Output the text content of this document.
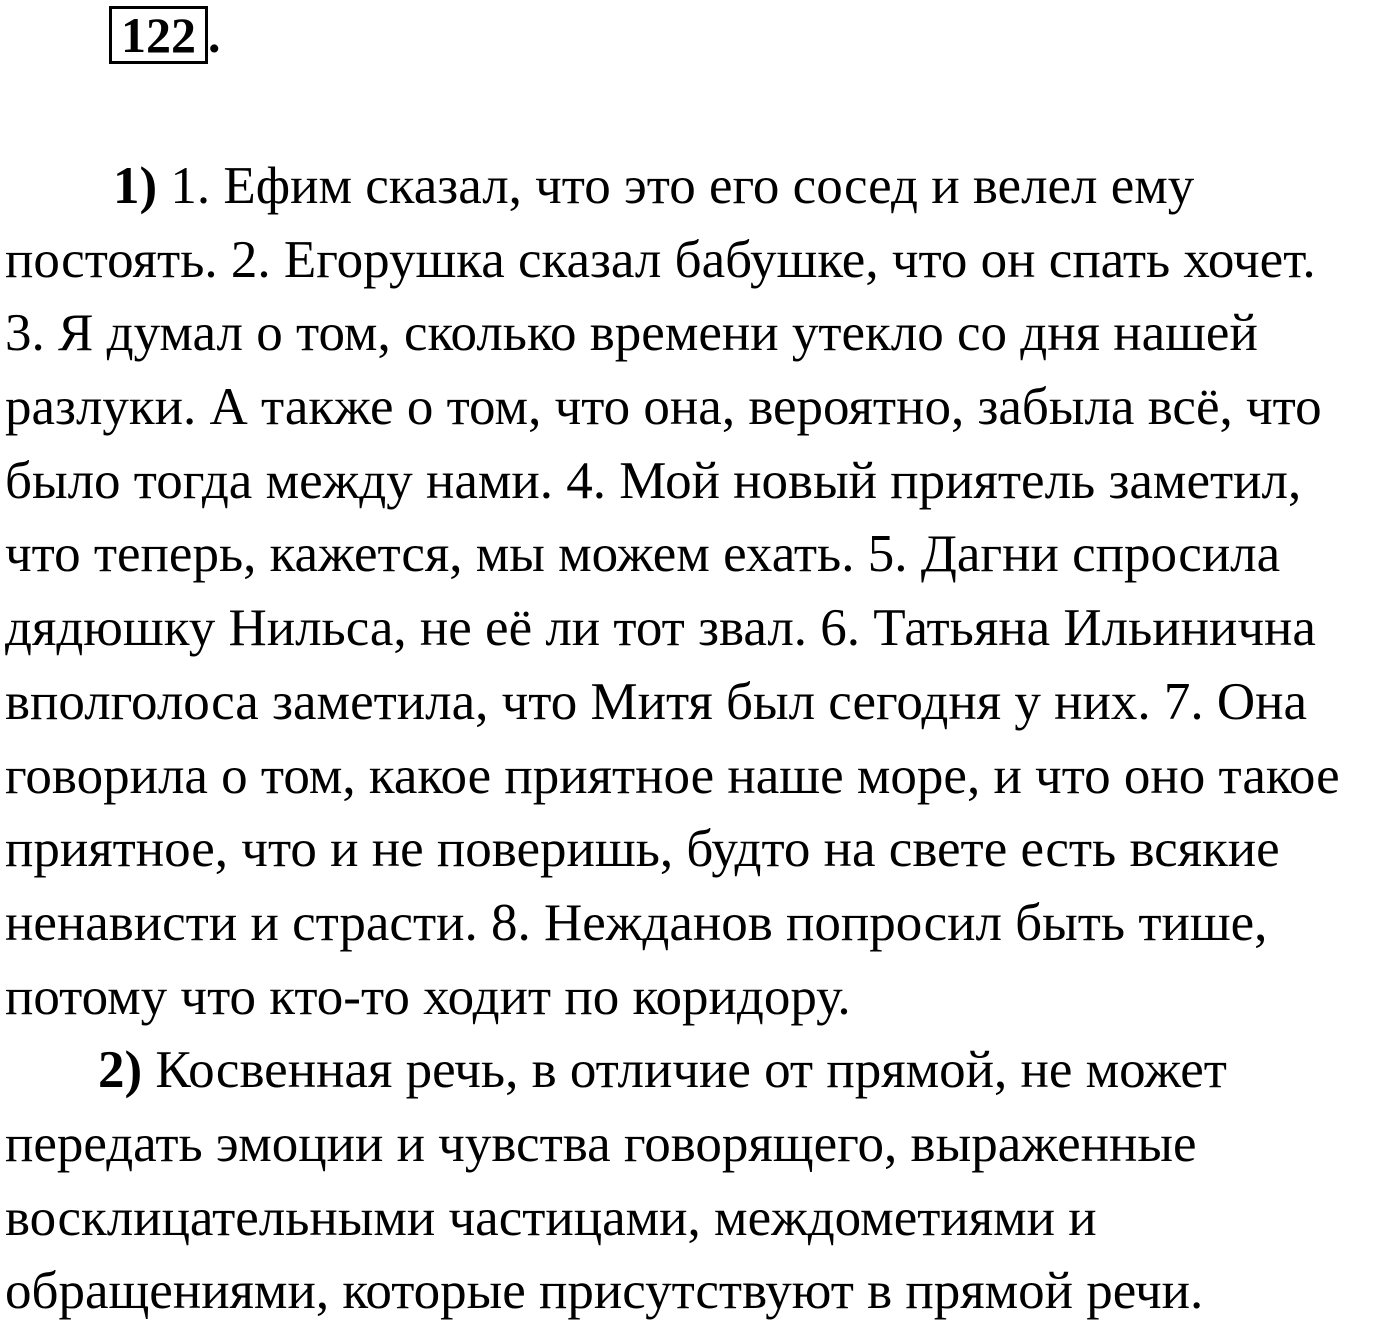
122 .
1) 1. Ефим сказал, что это его сосед и велел ему
постоять. 2. Егорушка сказал бабушке, что он спать хочет.
3. Я думал о том, сколько времени утекло со дня нашей
разлуки. А также о том, что она, вероятно, забыла всё, что
было тогда между нами. 4. Мой новый приятель заметил,
что теперь, кажется, мы можем ехать. 5. Дагни спросила
дядюшку Нильса, не её ли тот звал. 6. Татьяна Ильинична
вполголоса заметила, что Митя был сегодня у них. 7. Она
говорила о том, какое приятное наше море, и что оно такое
приятное, что и не поверишь, будто на свете есть всякие
ненависти и страсти. 8. Нежданов попросил быть тише,
потому что кто-то ходит по коридору.
2) Косвенная речь, в отличие от прямой, не может
передать эмоции и чувства говорящего, выраженные
восклицательными частицами, междометиями и
обращениями, которые присутствуют в прямой речи.
